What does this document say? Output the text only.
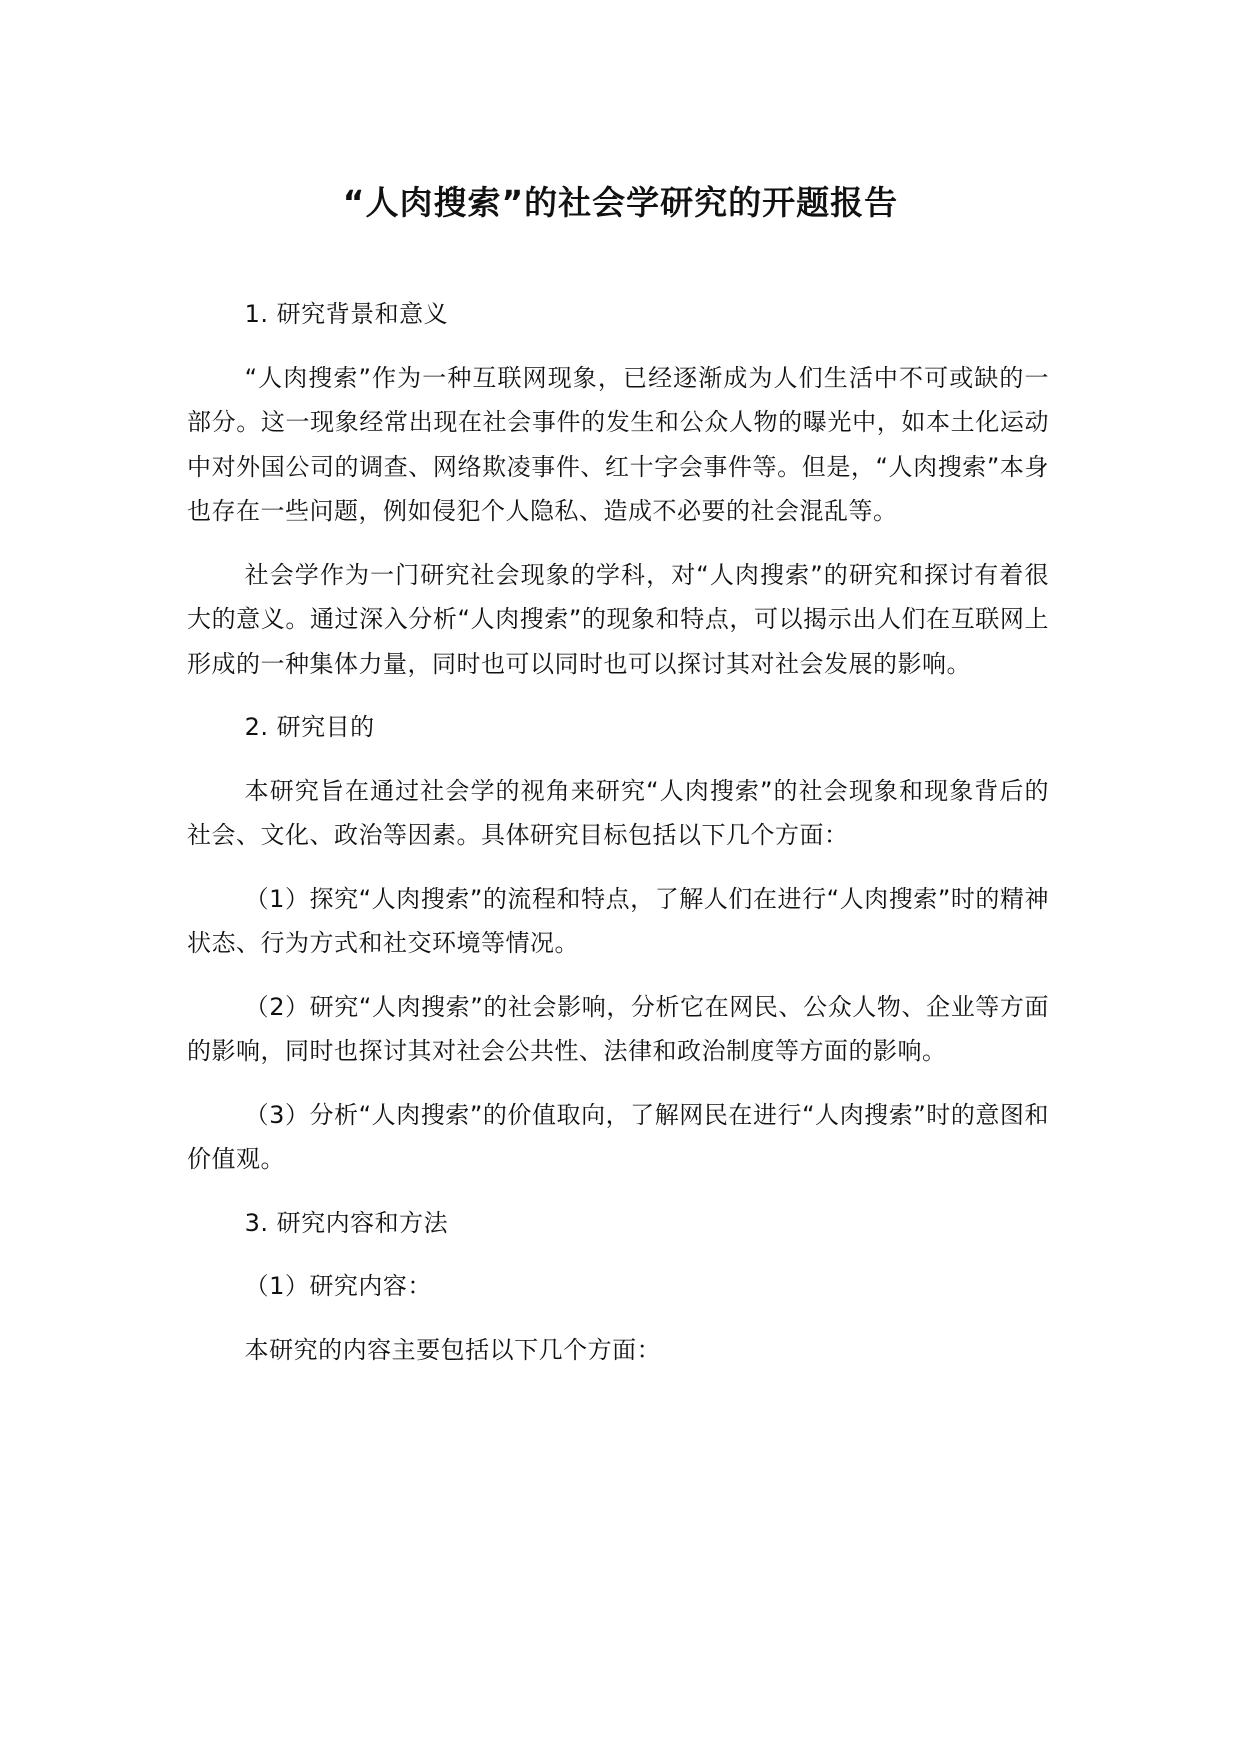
“人肉搜索”的社会学研究的开题报告

1. 研究背景和意义

“人肉搜索”作为一种互联网现象，已经逐渐成为人们生活中不可或缺的一部分。这一现象经常出现在社会事件的发生和公众人物的曝光中，如本土化运动中对外国公司的调查、网络欺凌事件、红十字会事件等。但是，“人肉搜索”本身也存在一些问题，例如侵犯个人隐私、造成不必要的社会混乱等。

社会学作为一门研究社会现象的学科，对“人肉搜索”的研究和探讨有着很大的意义。通过深入分析“人肉搜索”的现象和特点，可以揭示出人们在互联网上形成的一种集体力量，同时也可以同时也可以探讨其对社会发展的影响。

2. 研究目的

本研究旨在通过社会学的视角来研究“人肉搜索”的社会现象和现象背后的社会、文化、政治等因素。具体研究目标包括以下几个方面：

（1）探究“人肉搜索”的流程和特点，了解人们在进行“人肉搜索”时的精神状态、行为方式和社交环境等情况。

（2）研究“人肉搜索”的社会影响，分析它在网民、公众人物、企业等方面的影响，同时也探讨其对社会公共性、法律和政治制度等方面的影响。

（3）分析“人肉搜索”的价值取向，了解网民在进行“人肉搜索”时的意图和价值观。

3. 研究内容和方法

（1）研究内容：

本研究的内容主要包括以下几个方面：
